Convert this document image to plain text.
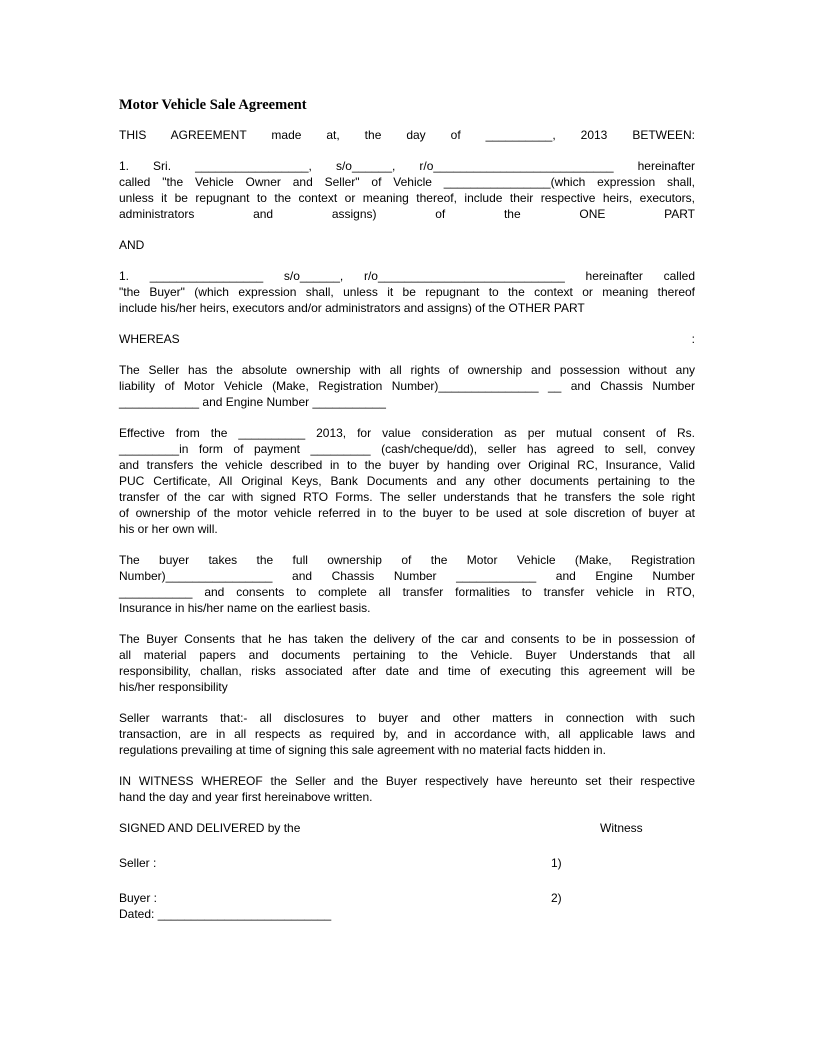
Motor Vehicle Sale Agreement

THIS AGREEMENT made at, the day of __________, 2013 BETWEEN:

1. Sri. _________________, s/o______, r/o___________________________ hereinafter

called "the Vehicle Owner and Seller" of Vehicle ________________(which expression shall,

unless it be repugnant to the context or meaning thereof, include their respective heirs, executors,

administrators and assigns) of the ONE PART

AND

1. _________________ s/o______, r/o____________________________ hereinafter called

"the Buyer" (which expression shall, unless it be repugnant to the context or meaning thereof

include his/her heirs, executors and/or administrators and assigns) of the OTHER PART

WHEREAS	:

The Seller has the absolute ownership with all rights of ownership and possession without any

liability of Motor Vehicle (Make, Registration Number)_______________ __ and Chassis Number

____________ and Engine Number ___________

Effective from the __________ 2013, for value consideration as per mutual consent of Rs.

_________in form of payment _________ (cash/cheque/dd), seller has agreed to sell, convey

and transfers the vehicle described in to the buyer by handing over Original RC, Insurance, Valid

PUC Certificate, All Original Keys, Bank Documents and any other documents pertaining to the

transfer of the car with signed RTO Forms. The seller understands that he transfers the sole right

of ownership of the motor vehicle referred in to the buyer to be used at sole discretion of buyer at

his or her own will.

The buyer takes the full ownership of the Motor Vehicle (Make, Registration

Number)________________ and Chassis Number ____________ and Engine Number

___________ and consents to complete all transfer formalities to transfer vehicle in RTO,

Insurance in his/her name on the earliest basis.

The Buyer Consents that he has taken the delivery of the car and consents to be in possession of

all material papers and documents pertaining to the Vehicle. Buyer Understands that all

responsibility, challan, risks associated after date and time of executing this agreement will be

his/her responsibility

Seller warrants that:- all disclosures to buyer and other matters in connection with such

transaction, are in all respects as required by, and in accordance with, all applicable laws and

regulations prevailing at time of signing this sale agreement with no material facts hidden in.

IN WITNESS WHEREOF the Seller and the Buyer respectively have hereunto set their respective

hand the day and year first hereinabove written.

SIGNED AND DELIVERED by the	Witness
Seller :	1)
Buyer :	2)

Dated: __________________________
